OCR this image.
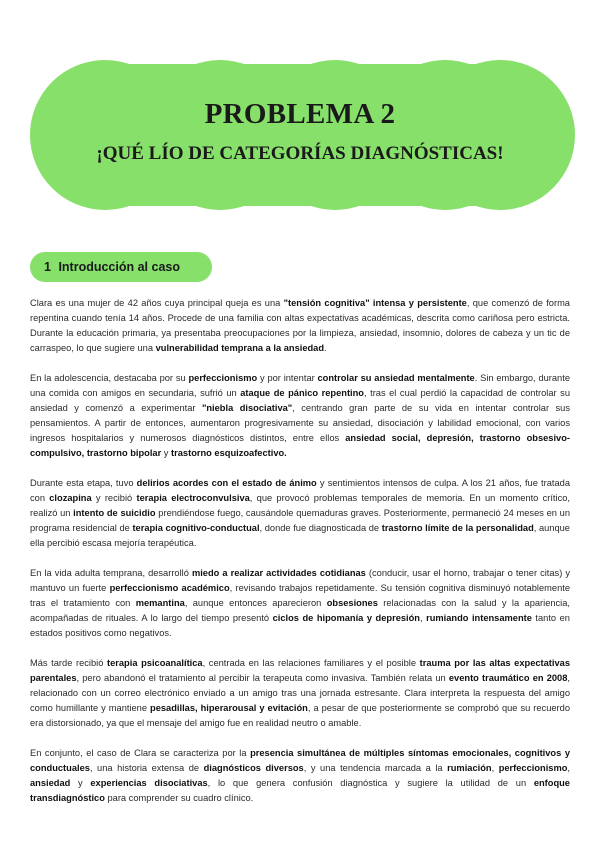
PROBLEMA 2
¡QUÉ LÍO DE CATEGORÍAS DIAGNÓSTICAS!
1 Introducción al caso

Clara es una mujer de 42 años cuya principal queja es una "tensión cognitiva" intensa y persistente, que comenzó de forma repentina cuando tenía 14 años. Procede de una familia con altas expectativas académicas, descrita como cariñosa pero estricta. Durante la educación primaria, ya presentaba preocupaciones por la limpieza, ansiedad, insomnio, dolores de cabeza y un tic de carraspeo, lo que sugiere una vulnerabilidad temprana a la ansiedad.

En la adolescencia, destacaba por su perfeccionismo y por intentar controlar su ansiedad mentalmente. Sin embargo, durante una comida con amigos en secundaria, sufrió un ataque de pánico repentino, tras el cual perdió la capacidad de controlar su ansiedad y comenzó a experimentar "niebla disociativa", centrando gran parte de su vida en intentar controlar sus pensamientos. A partir de entonces, aumentaron progresivamente su ansiedad, disociación y labilidad emocional, con varios ingresos hospitalarios y numerosos diagnósticos distintos, entre ellos ansiedad social, depresión, trastorno obsesivo-compulsivo, trastorno bipolar y trastorno esquizoafectivo.

Durante esta etapa, tuvo delirios acordes con el estado de ánimo y sentimientos intensos de culpa. A los 21 años, fue tratada con clozapina y recibió terapia electroconvulsiva, que provocó problemas temporales de memoria. En un momento crítico, realizó un intento de suicidio prendiéndose fuego, causándole quemaduras graves. Posteriormente, permaneció 24 meses en un programa residencial de terapia cognitivo-conductual, donde fue diagnosticada de trastorno límite de la personalidad, aunque ella percibió escasa mejoría terapéutica.

En la vida adulta temprana, desarrolló miedo a realizar actividades cotidianas (conducir, usar el horno, trabajar o tener citas) y mantuvo un fuerte perfeccionismo académico, revisando trabajos repetidamente. Su tensión cognitiva disminuyó notablemente tras el tratamiento con memantina, aunque entonces aparecieron obsesiones relacionadas con la salud y la apariencia, acompañadas de rituales. A lo largo del tiempo presentó ciclos de hipomanía y depresión, rumiando intensamente tanto en estados positivos como negativos.

Más tarde recibió terapia psicoanalítica, centrada en las relaciones familiares y el posible trauma por las altas expectativas parentales, pero abandonó el tratamiento al percibir la terapeuta como invasiva. También relata un evento traumático en 2008, relacionado con un correo electrónico enviado a un amigo tras una jornada estresante. Clara interpreta la respuesta del amigo como humillante y mantiene pesadillas, hiperarousal y evitación, a pesar de que posteriormente se comprobó que su recuerdo era distorsionado, ya que el mensaje del amigo fue en realidad neutro o amable.

En conjunto, el caso de Clara se caracteriza por la presencia simultánea de múltiples síntomas emocionales, cognitivos y conductuales, una historia extensa de diagnósticos diversos, y una tendencia marcada a la rumiación, perfeccionismo, ansiedad y experiencias disociativas, lo que genera confusión diagnóstica y sugiere la utilidad de un enfoque transdiagnóstico para comprender su cuadro clínico.
